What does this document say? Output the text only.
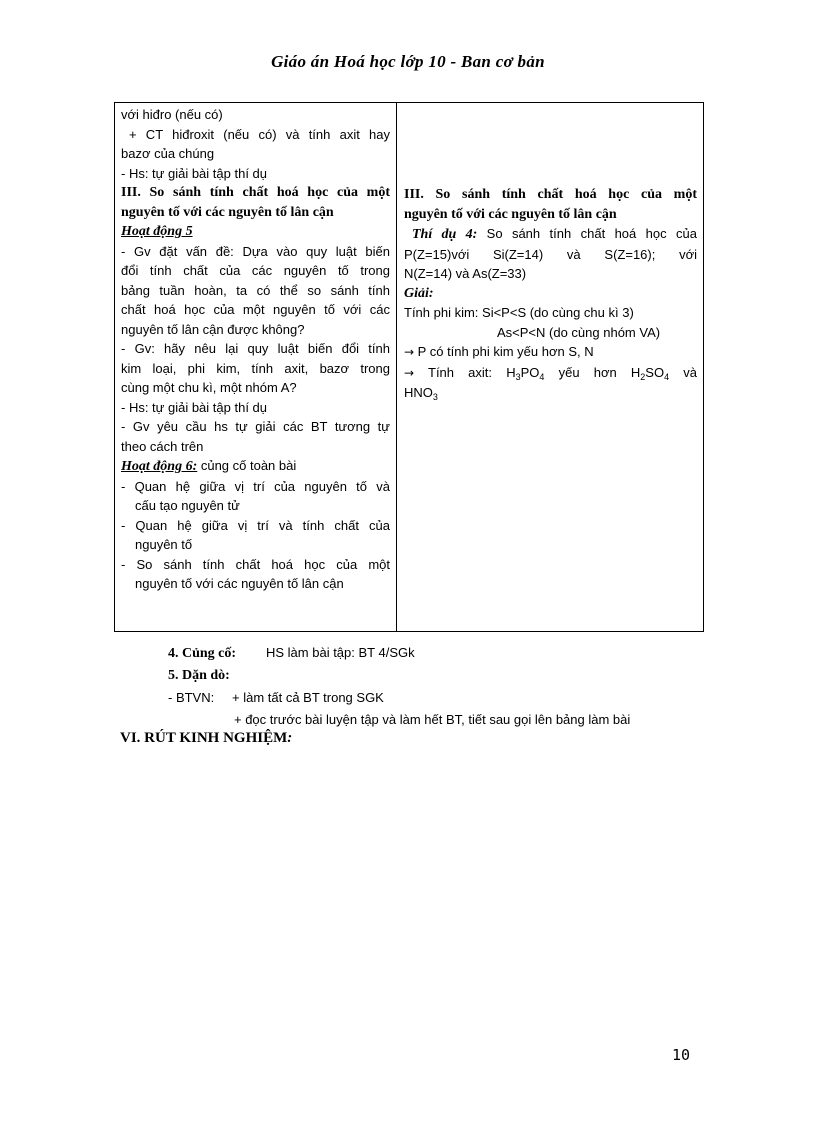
Giáo án Hoá học lớp 10 - Ban cơ bản
với hiđro (nếu có)
+ CT hiđroxit (nếu có) và tính axit hay
bazơ của chúng
- Hs: tự giải bài tập thí dụ
III. So sánh tính chất hoá học của một
nguyên tố với các nguyên tố lân cận
Hoạt động 5
- Gv đặt vấn đề: Dựa vào quy luật biến
đổi tính chất của các nguyên tố trong
bảng tuần hoàn, ta có thể so sánh tính
chất hoá học của một nguyên tố với các
nguyên tố lân cận được không?
- Gv: hãy nêu lại quy luật biến đổi tính
kim loại, phi kim, tính axit, bazơ trong
cùng một chu kì, một nhóm A?
- Hs: tự giải bài tập thí dụ
- Gv yêu cầu hs tự giải các BT tương tự
theo cách trên
Hoạt động 6: củng cố toàn bài
- Quan hệ giữa vị trí của nguyên tố và
cấu tạo nguyên tử
- Quan hệ giữa vị trí và tính chất của
nguyên tố
- So sánh tính chất hoá học của một
nguyên tố với các nguyên tố lân cận
III. So sánh tính chất hoá học của một
nguyên tố với các nguyên tố lân cận
Thí dụ 4: So sánh tính chất hoá học của
P(Z=15)với Si(Z=14) và S(Z=16); với
N(Z=14) và As(Z=33)
Giải:
Tính phi kim: Si<P<S (do cùng chu kì 3)
As<P<N (do cùng nhóm VA)
→ P có tính phi kim yếu hơn S, N
→ Tính axit: $H_3PO_4$ yếu hơn $H_2SO_4$ và
$HNO_3$
4. Củng cố: HS làm bài tập: BT 4/SGk
5. Dặn dò:
- BTVN: + làm tất cả BT trong SGK
+ đọc trước bài luyện tập và làm hết BT, tiết sau gọi lên bảng làm bài
VI. RÚT KINH NGHIỆM:
10
